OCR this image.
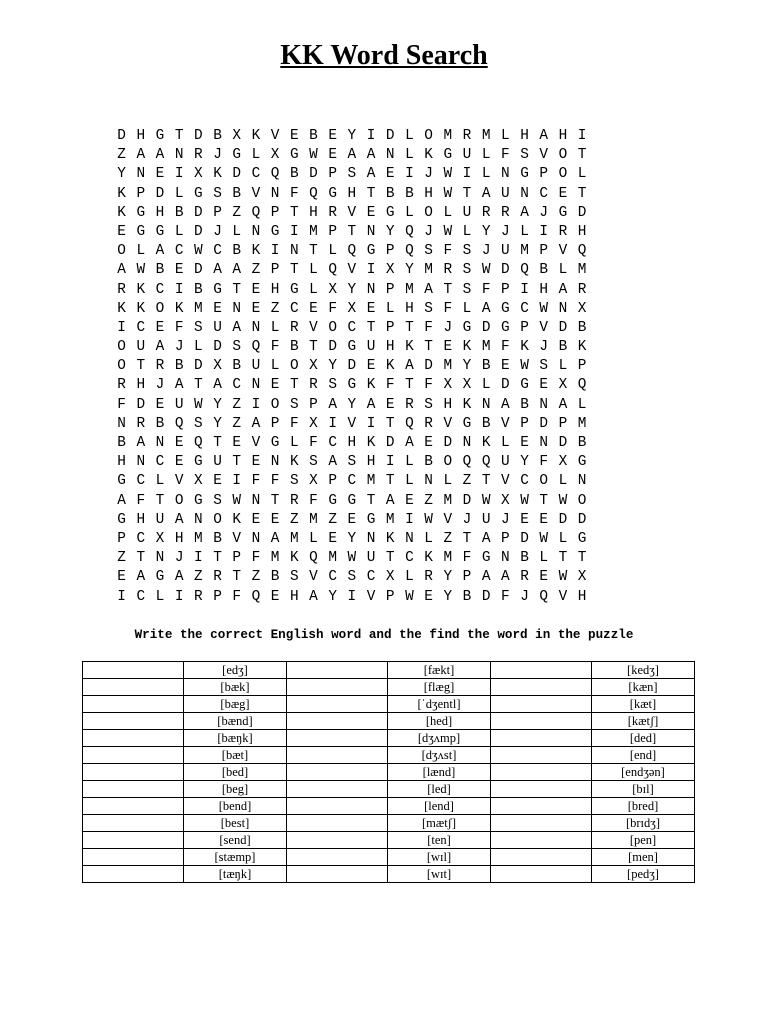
KK Word Search
D H G T D B X K V E B E Y I D L O M R M L H A H I
Z A A N R J G L X G W E A A N L K G U L F S V O T
Y N E I X K D C Q B D P S A E I J W I L N G P O L
K P D L G S B V N F Q G H T B B H W T A U N C E T
K G H B D P Z Q P T H R V E G L O L U R R A J G D
E G G L D J L N G I M P T N Y Q J W L Y J L I R H
O L A C W C B K I N T L Q G P Q S F S J U M P V Q
A W B E D A A Z P T L Q V I X Y M R S W D Q B L M
R K C I B G T E H G L X Y N P M A T S F P I H A R
K K O K M E N E Z C E F X E L H S F L A G C W N X
I C E F S U A N L R V O C T P T F J G D G P V D B
O U A J L D S Q F B T D G U H K T E K M F K J B K
O T R B D X B U L O X Y D E K A D M Y B E W S L P
R H J A T A C N E T R S G K F T F X X L D G E X Q
F D E U W Y Z I O S P A Y A E R S H K N A B N A L
N R B Q S Y Z A P F X I V I T Q R V G B V P D P M
B A N E Q T E V G L F C H K D A E D N K L E N D B
H N C E G U T E N K S A S H I L B O Q Q U Y F X G
G C L V X E I F F S X P C M T L N L Z T V C O L N
A F T O G S W N T R F G G T A E Z M D W X W T W O
G H U A N O K E E Z M Z E G M I W V J U J E E D D
P C X H M B V N A M L E Y N K N L Z T A P D W L G
Z T N J I T P F M K Q M W U T C K M F G N B L T T
E A G A Z R T Z B S V C S C X L R Y P A A R E W X
I C L I R P F Q E H A Y I V P W E Y B D F J Q V H
Write the correct English word and the find the word in the puzzle
	[edʒ]		[fækt]		[kedʒ]
	[bæk]		[flæg]		[kæn]
	[bæg]		[ˈdʒentl]		[kæt]
	[bænd]		[hed]		[kætʃ]
	[bæŋk]		[dʒʌmp]		[ded]
	[bæt]		[dʒʌst]		[end]
	[bed]		[lænd]		[endʒən]
	[beg]		[led]		[bɪl]
	[bend]		[lend]		[bred]
	[best]		[mætʃ]		[brɪdʒ]
	[send]		[ten]		[pen]
	[stæmp]		[wɪl]		[men]
	[tæŋk]		[wɪt]		[pedʒ]
